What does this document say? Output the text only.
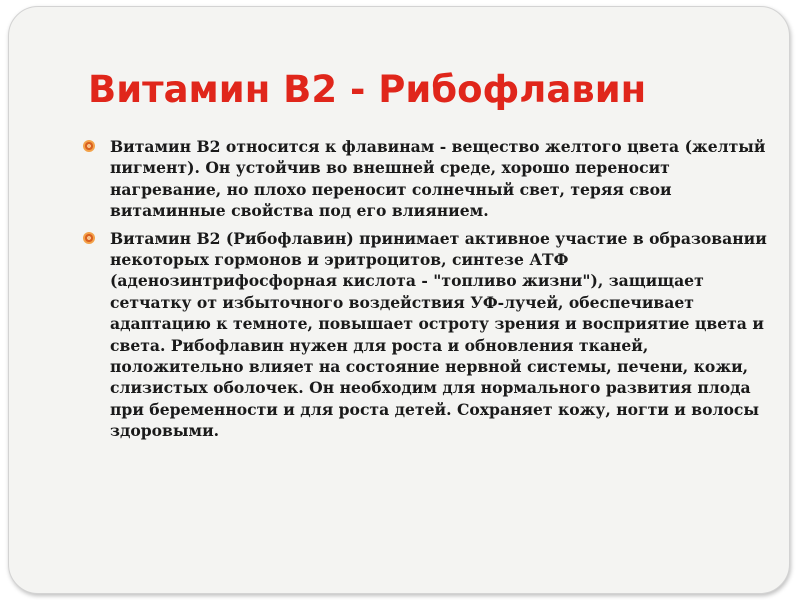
Витамин B2 - Рибофлавин

Витамин В2 относится к флавинам - вещество желтого цвета (желтый пигмент). Он устойчив во внешней среде, хорошо переносит нагревание, но плохо переносит солнечный свет, теряя свои витаминные свойства под его влиянием.

Витамин В2 (Рибофлавин) принимает активное участие в образовании некоторых гормонов и эритроцитов, синтезе АТФ (аденозинтрифосфорная кислота - "топливо жизни"), защищает сетчатку от избыточного воздействия УФ-лучей, обеспечивает адаптацию к темноте, повышает остроту зрения и восприятие цвета и света. Рибофлавин нужен для роста и обновления тканей, положительно влияет на состояние нервной системы, печени, кожи, слизистых оболочек. Он необходим для нормального развития плода при беременности и для роста детей. Сохраняет кожу, ногти и волосы здоровыми.
